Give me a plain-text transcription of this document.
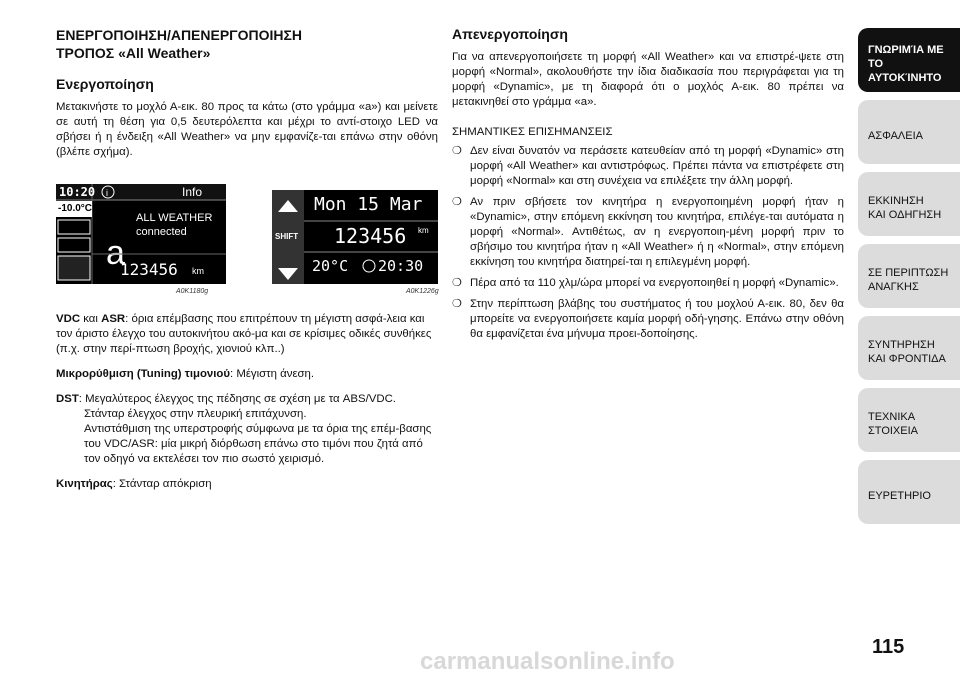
ΕΝΕΡΓΟΠΟΙΗΣΗ/ΑΠΕΝΕΡΓΟΠΟΙΗΣΗ

ΤΡΟΠΟΣ «All Weather»

Ενεργοποίηση

Μετακινήστε το μοχλό Α-εικ. 80 προς τα κάτω (στο γράμμα «a») και μείνετε σε αυτή τη θέση για 0,5 δευτερόλεπτα και μέχρι το αντί-στοιχο LED να σβήσει ή η ένδειξη «All Weather» να μην εμφανίζε-ται επάνω στην οθόνη (βλέπε σχήμα).

i
a
10:20	Info
-10.0°C
ALL WEATHER
connected
123456 km
A0K1180g
SHIFT
Mon 15 Mar
123456 km
20°C 20:30
A0K1226g
VDC και ASR: όρια επέμβασης που επιτρέπουν τη μέγιστη ασφά-λεια και τον άριστο έλεγχο του αυτοκινήτου ακό-μα και σε κρίσιμες οδικές συνθήκες (π.χ. στην περί-πτωση βροχής, χιονιού κλπ..)
Μικρορύθμιση (Tuning) τιμονιού: Μέγιστη άνεση.
DST: Μεγαλύτερος έλεγχος της πέδησης σε σχέση με τα ABS/VDC.
Στάνταρ έλεγχος στην πλευρική επιτάχυνση.
Αντιστάθμιση της υπερστροφής σύμφωνα με τα όρια της επέμ-βασης του VDC/ASR: μία μικρή διόρθωση επάνω στο τιμόνι που ζητά από τον οδηγό να εκτελέσει τον πιο σωστό χειρισμό.
Κινητήρας: Στάνταρ απόκριση
Απενεργοποίηση

Για να απενεργοποιήσετε τη μορφή «All Weather» και να επιστρέ-ψετε στη μορφή «Normal», ακολουθήστε την ίδια διαδικασία που περιγράφεται για τη μορφή «Dynamic», με τη διαφορά ότι ο μοχλός Α-εικ. 80 πρέπει να μετακινηθεί στο γράμμα «a».

ΣΗΜΑΝΤΙΚΕΣ ΕΠΙΣΗΜΑΝΣΕΙΣ
❍ Δεν είναι δυνατόν να περάσετε κατευθείαν από τη μορφή «Dynamic» στη μορφή «All Weather» και αντιστρόφως. Πρέπει πάντα να επιστρέφετε στη μορφή «Normal» και στη συνέχεια να επιλέξετε την άλλη μορφή.
❍ Αν πριν σβήσετε τον κινητήρα η ενεργοποιημένη μορφή ήταν η «Dynamic», στην επόμενη εκκίνηση του κινητήρα, επιλέγε-ται αυτόματα η μορφή «Normal». Αντιθέτως, αν η ενεργοποιη-μένη μορφή πριν το σβήσιμο του κινητήρα ήταν η «All Weather» ή η «Normal», στην επόμενη εκκίνηση του κινητήρα διατηρεί-ται η επιλεγμένη μορφή.
❍ Πέρα από τα 110 χλμ/ώρα μπορεί να ενεργοποιηθεί η μορφή «Dynamic».
❍ Στην περίπτωση βλάβης του συστήματος ή του μοχλού Α-εικ. 80, δεν θα μπορείτε να ενεργοποιήσετε καμία μορφή οδή-γησης. Επάνω στην οθόνη θα εμφανίζεται ένα μήνυμα προει-δοποίησης.
ΓΝΩΡΙΜΊΑ ΜΕ ΤΟ
ΑΥΤΟΚΊΝΗΤΟ
ΑΣΦΑΛΕΙΑ
ΕΚΚΙΝΗΣΗ
ΚΑΙ ΟΔΗΓΗΣΗ
ΣΕ ΠΕΡΙΠΤΩΣΗ
ΑΝΑΓΚΗΣ
ΣΥΝΤΗΡΗΣΗ
ΚΑΙ ΦΡΟΝΤΙΔΑ
ΤΕΧΝΙΚΑ
ΣΤΟΙΧΕΙΑ
ΕΥΡΕΤΗΡΙΟ
115
carmanualsonline.info
